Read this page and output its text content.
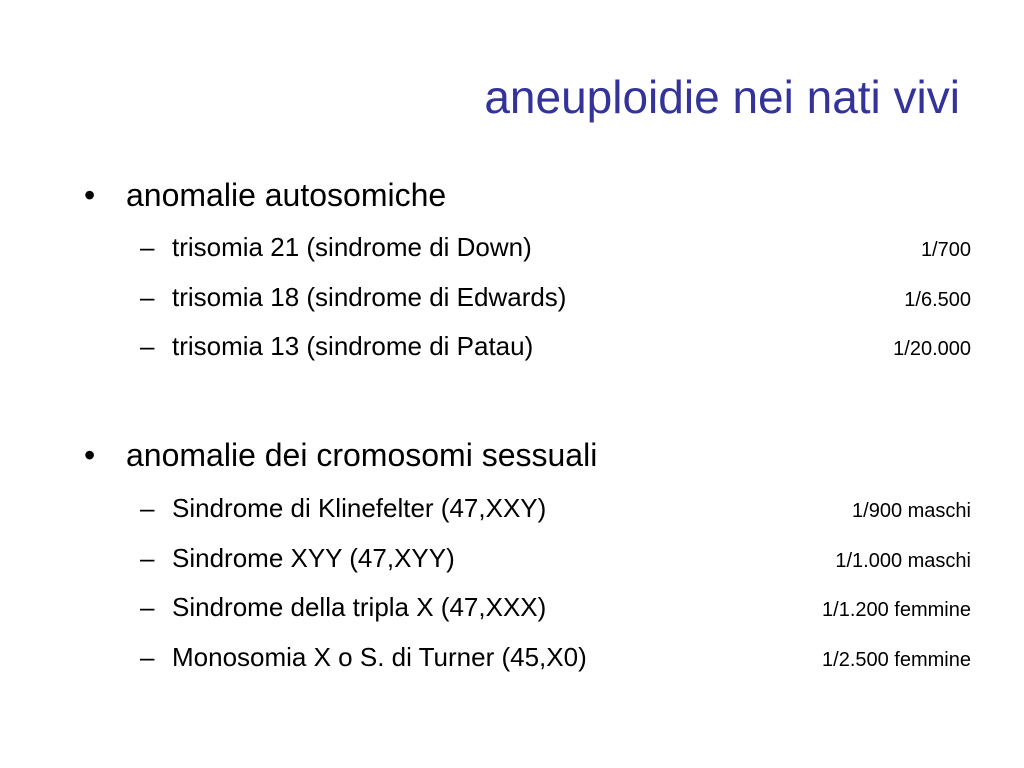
aneuploidie nei nati vivi
• anomalie autosomiche
– trisomia 21 (sindrome di Down)	1/700
– trisomia 18 (sindrome di Edwards)	1/6.500
– trisomia 13 (sindrome di Patau)	1/20.000
• anomalie dei cromosomi sessuali
– Sindrome di Klinefelter (47,XXY)	1/900 maschi
– Sindrome XYY (47,XYY)	1/1.000 maschi
– Sindrome della tripla X (47,XXX)	1/1.200 femmine
– Monosomia X o S. di Turner (45,X0)	1/2.500 femmine
